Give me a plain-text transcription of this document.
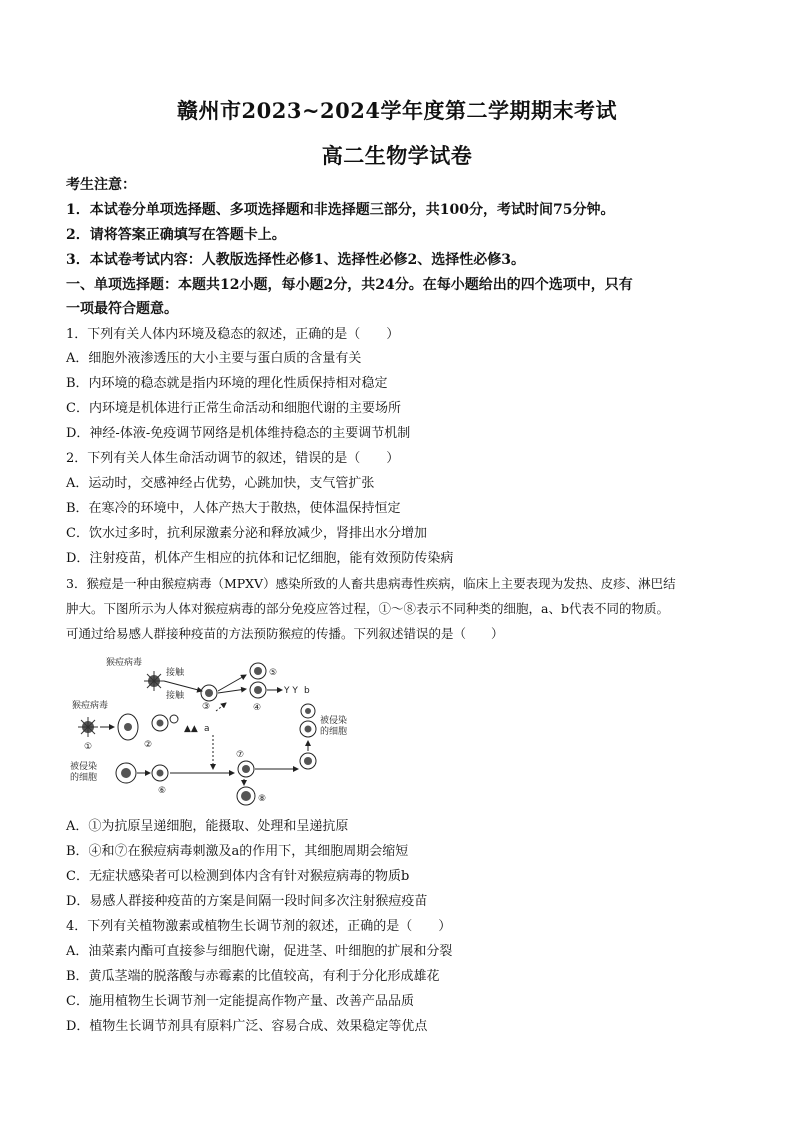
赣州市2023~2024学年度第二学期期末考试
高二生物学试卷
考生注意：
1．本试卷分单项选择题、多项选择题和非选择题三部分，共100分，考试时间75分钟。
2．请将答案正确填写在答题卡上。
3．本试卷考试内容：人教版选择性必修1、选择性必修2、选择性必修3。
一、单项选择题：本题共12小题，每小题2分，共24分。在每小题给出的四个选项中，只有
一项最符合题意。
1．下列有关人体内环境及稳态的叙述，正确的是（　　）
A．细胞外液渗透压的大小主要与蛋白质的含量有关
B．内环境的稳态就是指内环境的理化性质保持相对稳定
C．内环境是机体进行正常生命活动和细胞代谢的主要场所
D．神经-体液-免疫调节网络是机体维持稳态的主要调节机制
2．下列有关人体生命活动调节的叙述，错误的是（　　）
A．运动时，交感神经占优势，心跳加快，支气管扩张
B．在寒冷的环境中，人体产热大于散热，使体温保持恒定
C．饮水过多时，抗利尿激素分泌和释放减少，肾排出水分增加
D．注射疫苗，机体产生相应的抗体和记忆细胞，能有效预防传染病
3．猴痘是一种由猴痘病毒（MPXV）感染所致的人畜共患病毒性疾病，临床上主要表现为发热、皮疹、淋巴结
肿大。下图所示为人体对猴痘病毒的部分免疫应答过程，①～⑧表示不同种类的细胞，a、b代表不同的物质。
可通过给易感人群接种疫苗的方法预防猴痘的传播。下列叙述错误的是（　　）
猴痘病毒
接触
接触
③
⑤
④
Y Y b
猴痘病毒
①	②
▲▲ a
被侵染
的细胞
⑥
⑦
⑧
被侵染
的细胞
A．①为抗原呈递细胞，能摄取、处理和呈递抗原
B．④和⑦在猴痘病毒刺激及a的作用下，其细胞周期会缩短
C．无症状感染者可以检测到体内含有针对猴痘病毒的物质b
D．易感人群接种疫苗的方案是间隔一段时间多次注射猴痘疫苗
4．下列有关植物激素或植物生长调节剂的叙述，正确的是（　　）
A．油菜素内酯可直接参与细胞代谢，促进茎、叶细胞的扩展和分裂
B．黄瓜茎端的脱落酸与赤霉素的比值较高，有利于分化形成雄花
C．施用植物生长调节剂一定能提高作物产量、改善产品品质
D．植物生长调节剂具有原料广泛、容易合成、效果稳定等优点
